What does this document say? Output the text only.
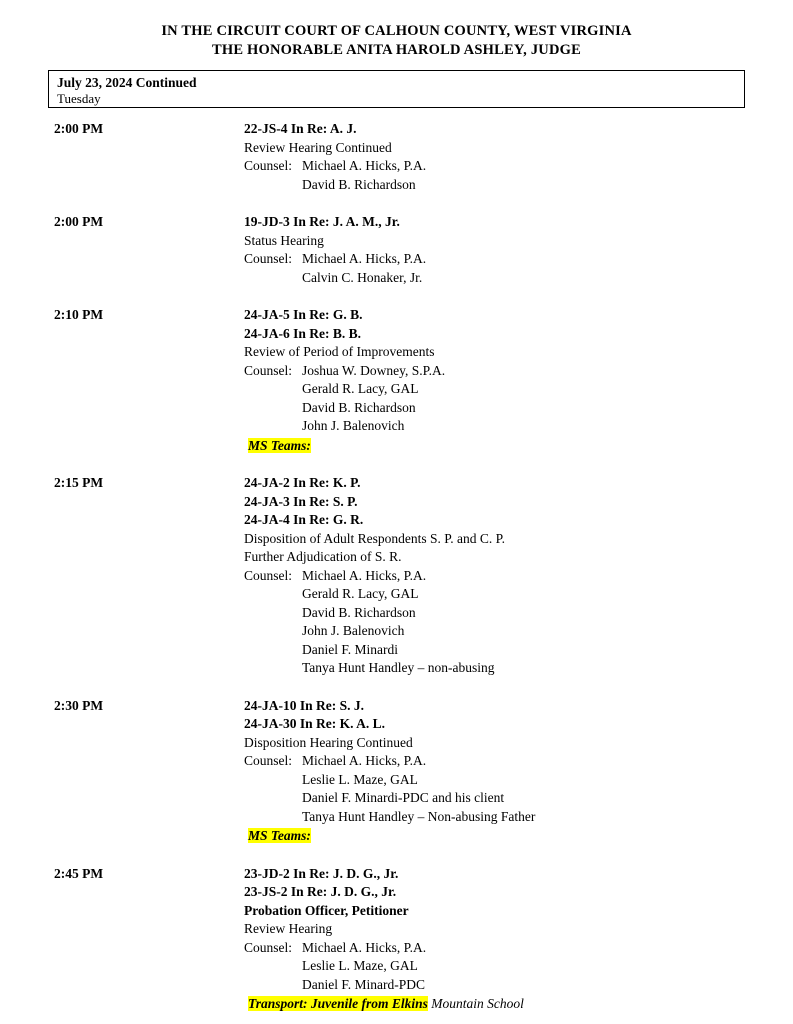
IN THE CIRCUIT COURT OF CALHOUN COUNTY, WEST VIRGINIA
THE HONORABLE ANITA HAROLD ASHLEY, JUDGE
July 23, 2024 Continued
Tuesday
2:00 PM	22-JS-4 In Re: A. J.
Review Hearing Continued
Counsel: Michael A. Hicks, P.A.
David B. Richardson
2:00 PM	19-JD-3 In Re: J. A. M., Jr.
Status Hearing
Counsel: Michael A. Hicks, P.A.
Calvin C. Honaker, Jr.
2:10 PM	24-JA-5 In Re: G. B.
24-JA-6 In Re: B. B.
Review of Period of Improvements
Counsel: Joshua W. Downey, S.P.A.
Gerald R. Lacy, GAL
David B. Richardson
John J. Balenovich
MS Teams:
2:15 PM	24-JA-2 In Re: K. P.
24-JA-3 In Re: S. P.
24-JA-4 In Re: G. R.
Disposition of Adult Respondents S. P. and C. P.
Further Adjudication of S. R.
Counsel: Michael A. Hicks, P.A.
Gerald R. Lacy, GAL
David B. Richardson
John J. Balenovich
Daniel F. Minardi
Tanya Hunt Handley – non-abusing
2:30 PM	24-JA-10 In Re: S. J.
24-JA-30 In Re: K. A. L.
Disposition Hearing Continued
Counsel: Michael A. Hicks, P.A.
Leslie L. Maze, GAL
Daniel F. Minardi-PDC and his client
Tanya Hunt Handley – Non-abusing Father
MS Teams:
2:45 PM	23-JD-2 In Re: J. D. G., Jr.
23-JS-2 In Re: J. D. G., Jr.
Probation Officer, Petitioner
Review Hearing
Counsel: Michael A. Hicks, P.A.
Leslie L. Maze, GAL
Daniel F. Minard-PDC
Transport: Juvenile from Elkins Mountain School
